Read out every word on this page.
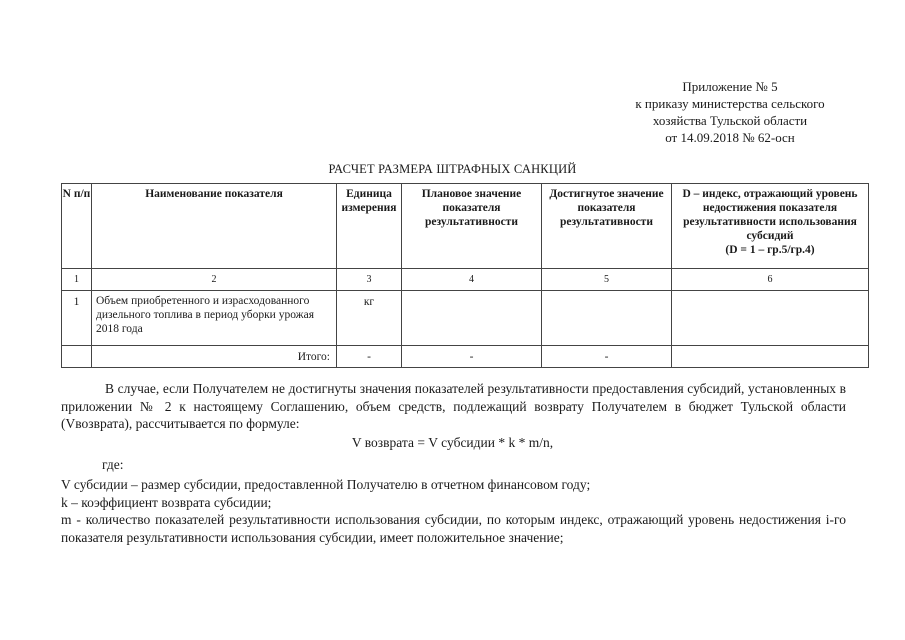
Приложение № 5
к приказу министерства сельского
хозяйства Тульской области
от 14.09.2018 № 62-осн
РАСЧЕТ РАЗМЕРА ШТРАФНЫХ САНКЦИЙ
N п/п	Наименование показателя	Единица измерения	Плановое значение показателя результативности	Достигнутое значение показателя результативности	D – индекс, отражающий уровень недостижения показателя результативности использования субсидий
(D = 1 – гр.5/гр.4)

1	2	3	4	5	6
1	Объем приобретенного и израсходованного дизельного топлива в период уборки урожая 2018 года	кг			
	Итого:	-	-	-	
В случае, если Получателем не достигнуты значения показателей результативности предоставления субсидий, установленных в приложении № 2 к настоящему Соглашению, объем средств, подлежащий возврату Получателем в бюджет Тульской области (Vвозврата), рассчитывается по формуле:
V возврата = V субсидии * k * m/n,
где:

V субсидии – размер субсидии, предоставленной Получателю в отчетном финансовом году;

k – коэффициент возврата субсидии;

m - количество показателей результативности использования субсидии, по которым индекс, отражающий уровень недостижения i-го показателя результативности использования субсидии, имеет положительное значение;
